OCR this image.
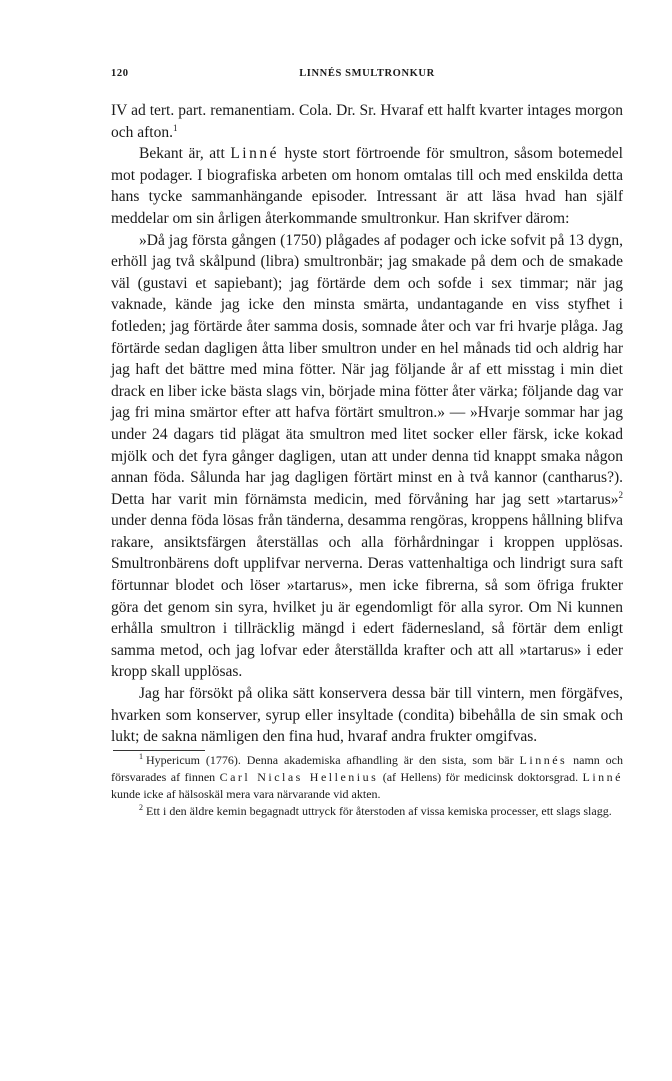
120	LINNÉS SMULTRONKUR

IV ad tert. part. remanentiam. Cola. Dr. Sr. Hvaraf ett halft kvarter intages morgon och afton.$^1$

Bekant är, att Linné hyste stort förtroende för smultron, såsom botemedel mot podager. I biografiska arbeten om honom omtalas till och med enskilda detta hans tycke sammanhängande episoder. Intressant är att läsa hvad han själf meddelar om sin årligen återkommande smultronkur. Han skrifver därom:

»Då jag första gången (1750) plågades af podager och icke sofvit på 13 dygn, erhöll jag två skålpund (libra) smultronbär; jag smakade på dem och de smakade väl (gustavi et sapiebant); jag förtärde dem och sofde i sex timmar; när jag vaknade, kände jag icke den minsta smärta, undantagande en viss styfhet i fotleden; jag förtärde åter samma dosis, somnade åter och var fri hvarje plåga. Jag förtärde sedan dagligen åtta liber smultron under en hel månads tid och aldrig har jag haft det bättre med mina fötter. När jag följande år af ett misstag i min diet drack en liber icke bästa slags vin, började mina fötter åter värka; följande dag var jag fri mina smärtor efter att hafva förtärt smultron.» — »Hvarje sommar har jag under 24 dagars tid plägat äta smultron med litet socker eller färsk, icke kokad mjölk och det fyra gånger dagligen, utan att under denna tid knappt smaka någon annan föda. Sålunda har jag dagligen förtärt minst en à två kannor (cantharus?). Detta har varit min förnämsta medicin, med förvåning har jag sett »tartarus»$^2$ under denna föda lösas från tänderna, desamma rengöras, kroppens hållning blifva rakare, ansiktsfärgen återställas och alla förhårdningar i kroppen upplösas. Smultronbärens doft upplifvar nerverna. Deras vattenhaltiga och lindrigt sura saft förtunnar blodet och löser »tartarus», men icke fibrerna, så som öfriga frukter göra det genom sin syra, hvilket ju är egendomligt för alla syror. Om Ni kunnen erhålla smultron i tillräcklig mängd i edert fädernesland, så förtär dem enligt samma metod, och jag lofvar eder återställda krafter och att all »tartarus» i eder kropp skall upplösas.

Jag har försökt på olika sätt konservera dessa bär till vintern, men förgäfves, hvarken som konserver, syrup eller insyltade (condita) bibehålla de sin smak och lukt; de sakna nämligen den fina hud, hvaraf andra frukter omgifvas.

$^1$ Hypericum (1776). Denna akademiska afhandling är den sista, som bär Linnés namn och försvarades af finnen Carl Niclas Hellenius (af Hellens) för medicinsk doktorsgrad. Linné kunde icke af hälsoskäl mera vara närvarande vid akten.

$^2$ Ett i den äldre kemin begagnadt uttryck för återstoden af vissa kemiska processer, ett slags slagg.
